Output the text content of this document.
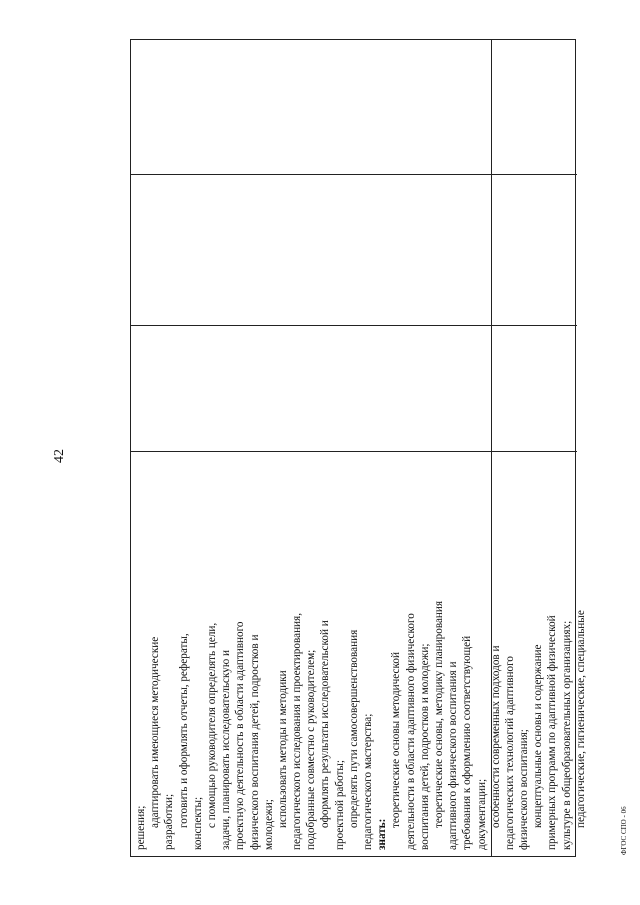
42
решения; адаптировать имеющиеся методические разработки; готовить и оформлять отчеты, рефераты, конспекты; с помощью руководителя определять цели, задачи, планировать исследовательскую и проектную деятельность в области адаптивного физического воспитания детей, подростков и молодежи; использовать методы и методики педагогического исследования и проектирования, подобранные совместно с руководителем; оформлять результаты исследовательской и проектной работы; определять пути самосовершенствования педагогического мастерства; знать:
теоретические основы методической деятельности в области адаптивного физического воспитания детей, подростков и молодежи; теоретические основы, методику планирования адаптивного физического воспитания и требования к оформлению соответствующей документации; особенности современных подходов и педагогических технологий адаптивного физического воспитания; концептуальные основы и содержание примерных программ по адаптивной физической культуре в общеобразовательных организациях; педагогические, гигиенические, специальные
ФГОС СПО - 06
